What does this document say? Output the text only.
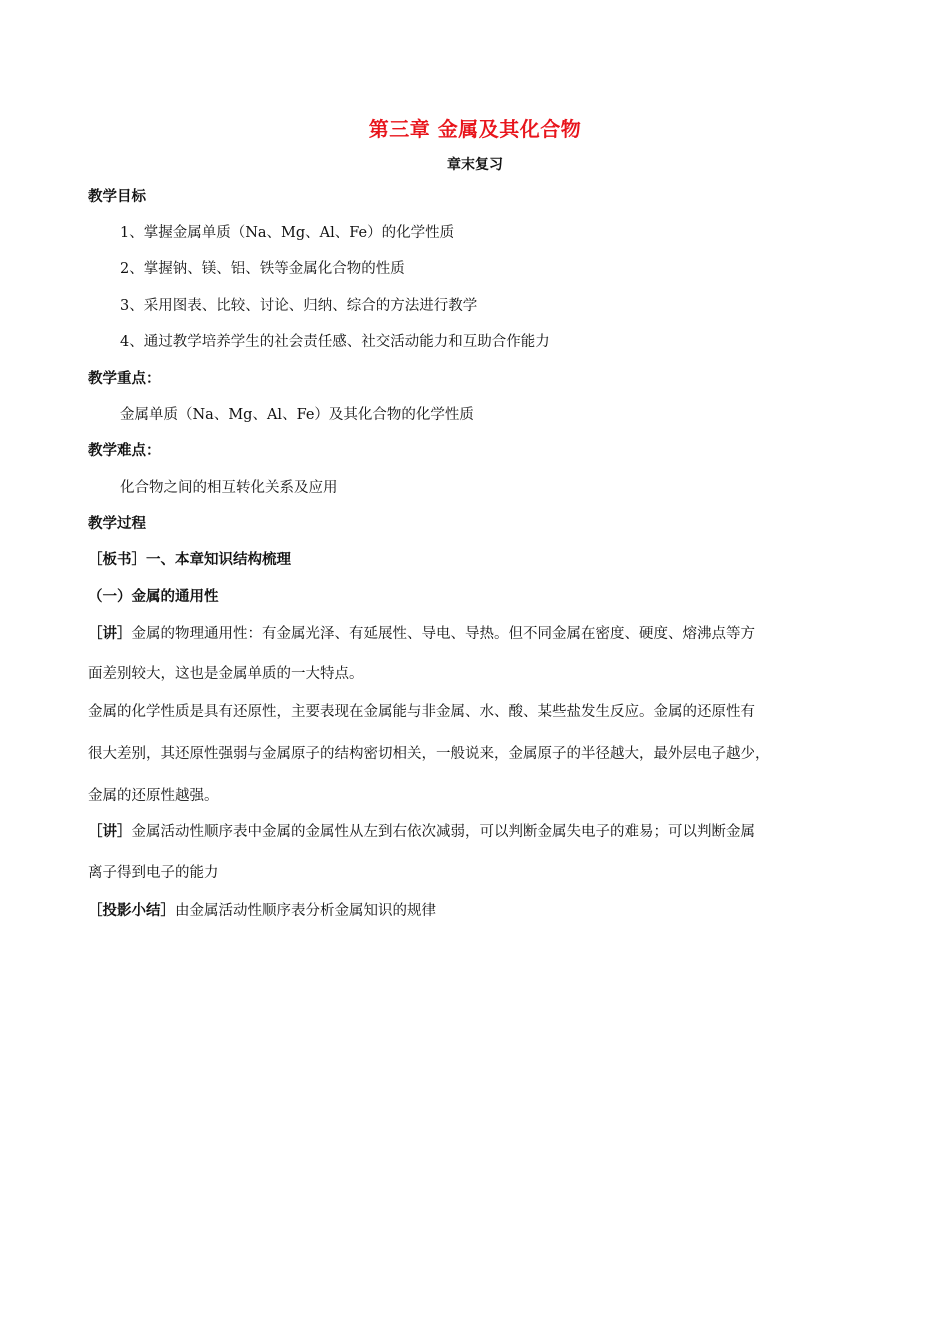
第三章 金属及其化合物
章末复习
教学目标
1、掌握金属单质（Na、Mg、Al、Fe）的化学性质
2、掌握钠、镁、铝、铁等金属化合物的性质
3、采用图表、比较、讨论、归纳、综合的方法进行教学
4、通过教学培养学生的社会责任感、社交活动能力和互助合作能力
教学重点：
金属单质（Na、Mg、Al、Fe）及其化合物的化学性质
教学难点：
化合物之间的相互转化关系及应用
教学过程
［板书］一、本章知识结构梳理
（一）金属的通用性
［讲］金属的物理通用性：有金属光泽、有延展性、导电、导热。但不同金属在密度、硬度、熔沸点等方
面差别较大，这也是金属单质的一大特点。
金属的化学性质是具有还原性，主要表现在金属能与非金属、水、酸、某些盐发生反应。金属的还原性有
很大差别，其还原性强弱与金属原子的结构密切相关，一般说来，金属原子的半径越大，最外层电子越少，
金属的还原性越强。
［讲］金属活动性顺序表中金属的金属性从左到右依次减弱，可以判断金属失电子的难易；可以判断金属
离子得到电子的能力
［投影小结］由金属活动性顺序表分析金属知识的规律
